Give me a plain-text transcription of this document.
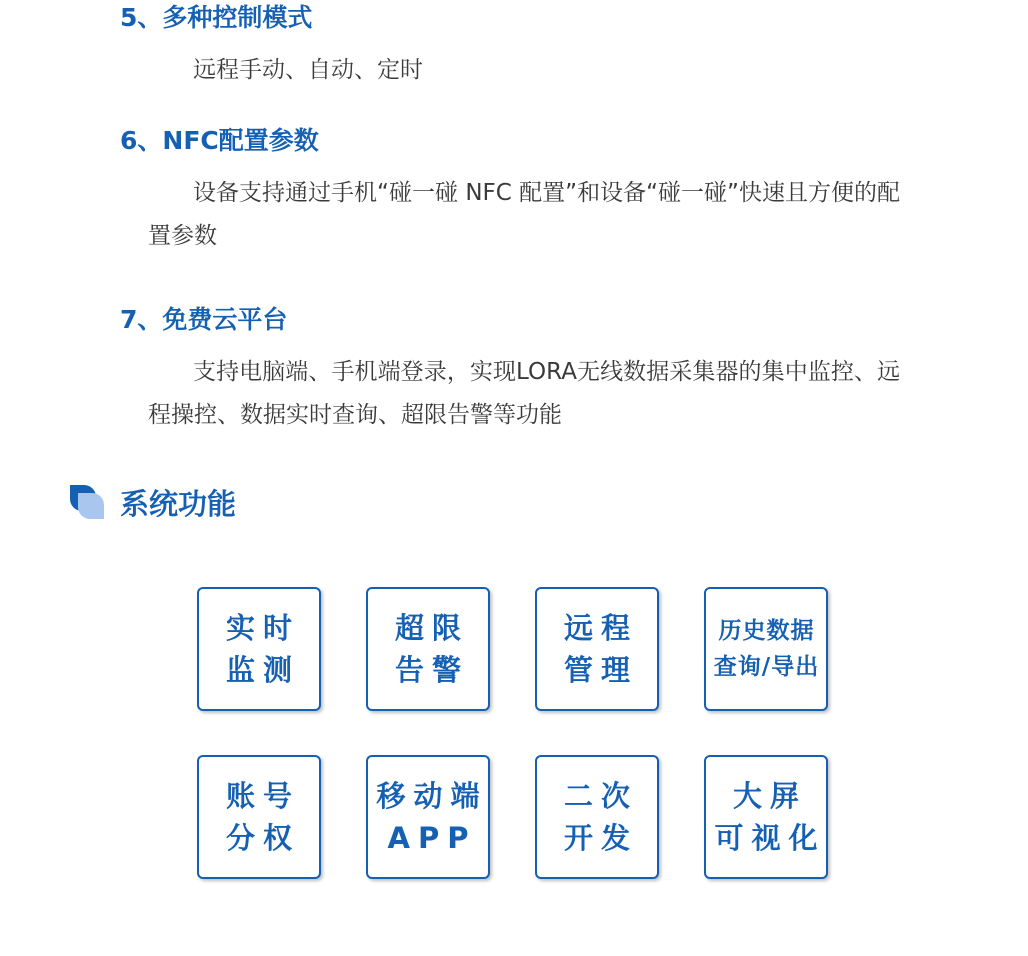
5、多种控制模式
远程手动、自动、定时
6、NFC配置参数
设备支持通过手机“碰一碰 NFC 配置”和设备“碰一碰”快速且方便的配置参数
7、免费云平台
支持电脑端、手机端登录，实现LORA无线数据采集器的集中监控、远程操控、数据实时查询、超限告警等功能
系统功能
实时
监测
超限
告警
远程
管理
历史数据
查询/导出
账号
分权
移动端
APP
二次
开发
大屏
可视化
